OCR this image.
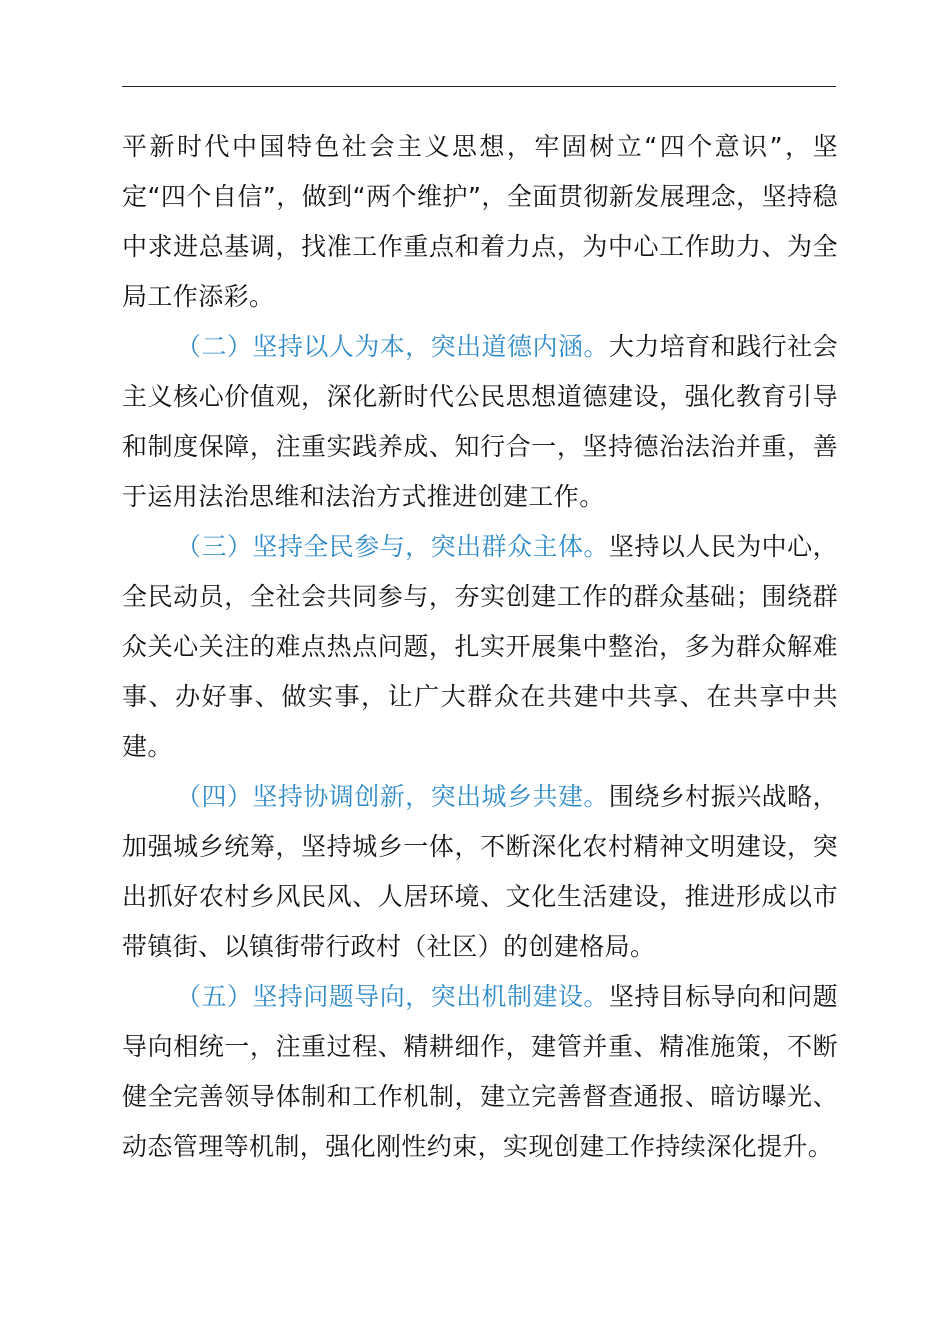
平新时代中国特色社会主义思想，牢固树立“四个意识”，坚定“四个自信”，做到“两个维护”，全面贯彻新发展理念，坚持稳中求进总基调，找准工作重点和着力点，为中心工作助力、为全局工作添彩。

（二）坚持以人为本，突出道德内涵。大力培育和践行社会主义核心价值观，深化新时代公民思想道德建设，强化教育引导和制度保障，注重实践养成、知行合一，坚持德治法治并重，善于运用法治思维和法治方式推进创建工作。

（三）坚持全民参与，突出群众主体。坚持以人民为中心，全民动员，全社会共同参与，夯实创建工作的群众基础；围绕群众关心关注的难点热点问题，扎实开展集中整治，多为群众解难事、办好事、做实事，让广大群众在共建中共享、在共享中共建。

（四）坚持协调创新，突出城乡共建。围绕乡村振兴战略，加强城乡统筹，坚持城乡一体，不断深化农村精神文明建设，突出抓好农村乡风民风、人居环境、文化生活建设，推进形成以市带镇街、以镇街带行政村（社区）的创建格局。

（五）坚持问题导向，突出机制建设。坚持目标导向和问题导向相统一，注重过程、精耕细作，建管并重、精准施策，不断健全完善领导体制和工作机制，建立完善督查通报、暗访曝光、动态管理等机制，强化刚性约束，实现创建工作持续深化提升。
